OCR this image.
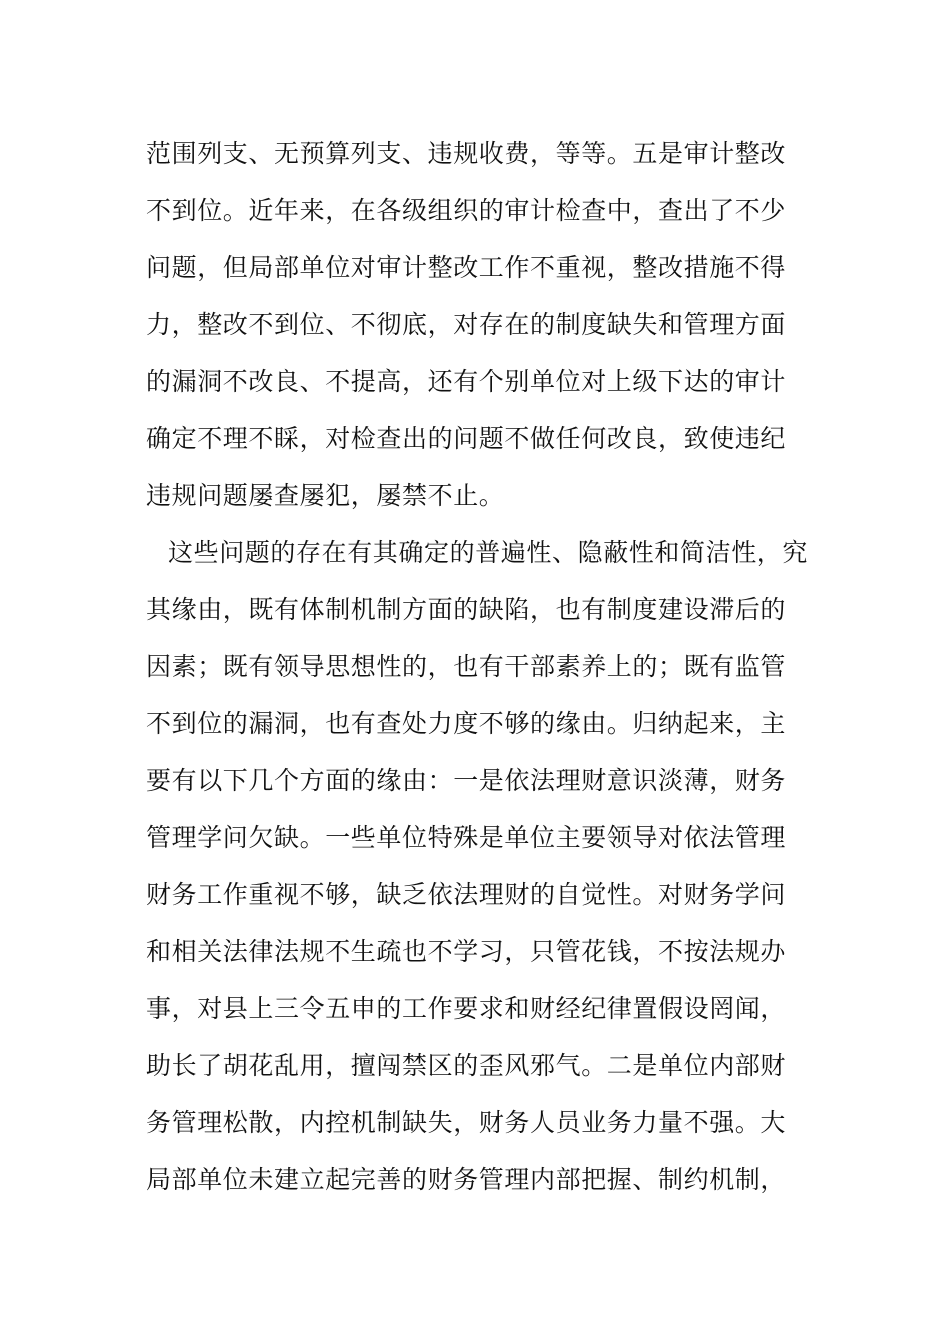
范围列支、无预算列支、违规收费，等等。五是审计整改
不到位。近年来，在各级组织的审计检查中，查出了不少
问题，但局部单位对审计整改工作不重视，整改措施不得
力，整改不到位、不彻底，对存在的制度缺失和管理方面
的漏洞不改良、不提高，还有个别单位对上级下达的审计
确定不理不睬，对检查出的问题不做任何改良，致使违纪
违规问题屡查屡犯，屡禁不止。
这些问题的存在有其确定的普遍性、隐蔽性和简洁性，究
其缘由，既有体制机制方面的缺陷，也有制度建设滞后的
因素；既有领导思想性的，也有干部素养上的；既有监管
不到位的漏洞，也有查处力度不够的缘由。归纳起来，主
要有以下几个方面的缘由：一是依法理财意识淡薄，财务
管理学问欠缺。一些单位特殊是单位主要领导对依法管理
财务工作重视不够，缺乏依法理财的自觉性。对财务学问
和相关法律法规不生疏也不学习，只管花钱，不按法规办
事，对县上三令五申的工作要求和财经纪律置假设罔闻，
助长了胡花乱用，擅闯禁区的歪风邪气。二是单位内部财
务管理松散，内控机制缺失，财务人员业务力量不强。大
局部单位未建立起完善的财务管理内部把握、制约机制，
